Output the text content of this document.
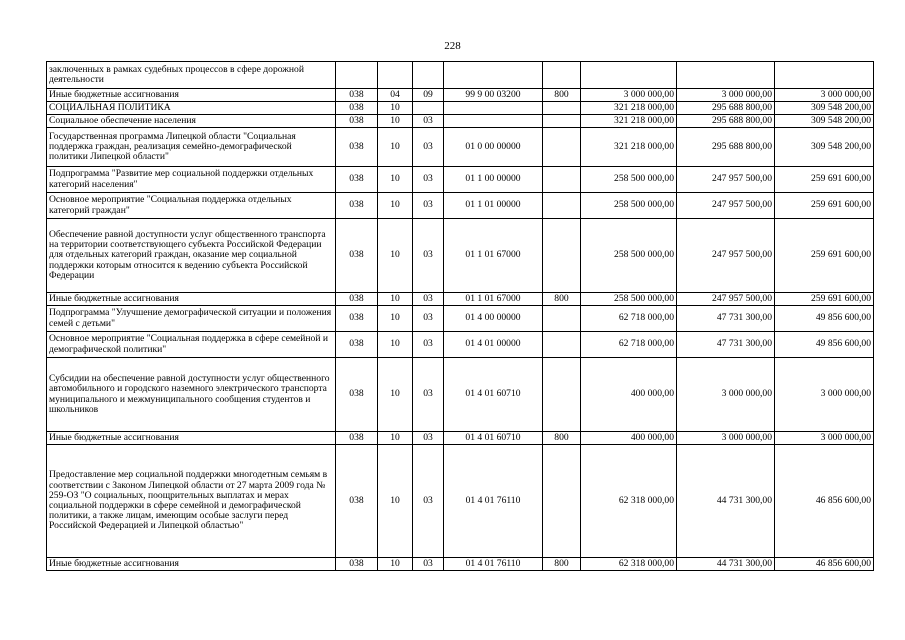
228
заключенных в рамках судебных процессов в сфере дорожной деятельности								
Иные бюджетные ассигнования	038	04	09	99 9 00 03200	800	3 000 000,00	3 000 000,00	3 000 000,00
СОЦИАЛЬНАЯ ПОЛИТИКА	038	10				321 218 000,00	295 688 800,00	309 548 200,00
Социальное обеспечение населения	038	10	03			321 218 000,00	295 688 800,00	309 548 200,00
Государственная программа Липецкой области "Социальная поддержка граждан, реализация семейно-демографической политики Липецкой области"	038	10	03	01 0 00 00000		321 218 000,00	295 688 800,00	309 548 200,00
Подпрограмма "Развитие мер социальной поддержки отдельных категорий населения"	038	10	03	01 1 00 00000		258 500 000,00	247 957 500,00	259 691 600,00
Основное мероприятие "Социальная поддержка отдельных категорий граждан"	038	10	03	01 1 01 00000		258 500 000,00	247 957 500,00	259 691 600,00
Обеспечение равной доступности услуг общественного транспорта на территории соответствующего субъекта Российской Федерации для отдельных категорий граждан, оказание мер социальной поддержки которым относится к ведению субъекта Российской Федерации	038	10	03	01 1 01 67000		258 500 000,00	247 957 500,00	259 691 600,00
Иные бюджетные ассигнования	038	10	03	01 1 01 67000	800	258 500 000,00	247 957 500,00	259 691 600,00
Подпрограмма "Улучшение демографической ситуации и положения семей с детьми"	038	10	03	01 4 00 00000		62 718 000,00	47 731 300,00	49 856 600,00
Основное мероприятие "Социальная поддержка в сфере семейной и демографической политики"	038	10	03	01 4 01 00000		62 718 000,00	47 731 300,00	49 856 600,00
Субсидии на обеспечение равной доступности услуг общественного автомобильного и городского наземного электрического транспорта муниципального и межмуниципального сообщения студентов и школьников	038	10	03	01 4 01 60710		400 000,00	3 000 000,00	3 000 000,00
Иные бюджетные ассигнования	038	10	03	01 4 01 60710	800	400 000,00	3 000 000,00	3 000 000,00
Предоставление мер социальной поддержки многодетным семьям в соответствии с Законом Липецкой области от 27 марта 2009 года № 259-ОЗ "О социальных, поощрительных выплатах и мерах социальной поддержки в сфере семейной и демографической политики, а также лицам, имеющим особые заслуги перед Российской Федерацией и Липецкой областью"	038	10	03	01 4 01 76110		62 318 000,00	44 731 300,00	46 856 600,00
Иные бюджетные ассигнования	038	10	03	01 4 01 76110	800	62 318 000,00	44 731 300,00	46 856 600,00
